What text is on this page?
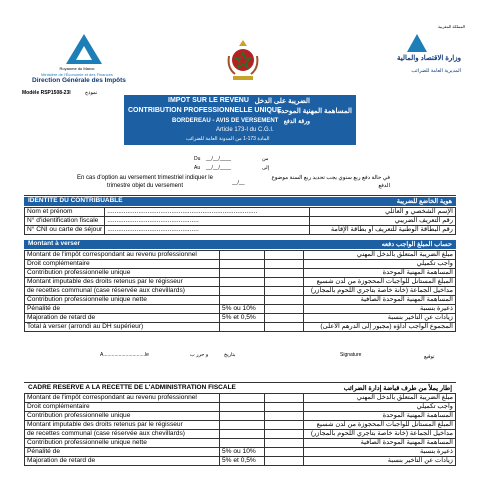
Royaume du Maroc
Ministère de l'Économie et des Finances
Direction Générale des Impôts
Modèle RSP1508-23I	نموذج
المملكة المغربية
وزارة الاقتصاد والمالية
المديرية العامة للضرائب
IMPOT SUR LE REVENU الضريبة على الدخل
CONTRIBUTION PROFESSIONNELLE UNIQUE
المساهمة المهنية الموحدة
BORDEREAU - AVIS DE VERSEMENT ورقة الدفع
Article 173-I du C.G.I.
المادة 173-1 من المدونة العامة للضرائب
Du __/__/____	من
Au __/__/____	إلى
En cas d'option au versement trimestriel indiquer le trimestre objet du versement	__/__
في حالة دفع ربع سنوي يجب تحديد ربع السنة موضوع الدفع
IDENTITE DU CONTRIBUABLE	هوية الخاضع للضريبة
Nom et prénom	..................................................................................	الإسم الشخصي و العائلي
N° d'identification fiscale	..................................................	رقم التعريف الضريبي
N° CNI ou carte de séjour	..................................................	رقم البطاقة الوطنية للتعريف أو بطاقة الإقامة
Montant à verser	حساب المبلغ الواجب دفعه
Montant de l'impôt correspondant au revenu professionnel			مبلغ الضريبة المتعلق بالدخل المهني
Droit complémentaire			واجب تكميلي
Contribution professionnelle unique			المساهمة المهنية الموحدة
Montant imputable des droits retenus par le régisseur			المبلغ المستأنل للواجبات المحجوزة من لدن شسيع
de recettes communal (case réservée aux chevillards)			مداخيل الجماعة (خانة خاصة بتاجري اللحوم بالمجازر)
Contribution professionnelle unique nette			المساهمة المهنية الموحدة الصافية
Pénalité de	5% ou 10%		ذعيرة بنسبة
Majoration de retard de	5% et 0,5%		زيادات عن التأخير بنسبة
Total à verser (arrondi au DH supérieur)			المجموع الواجب أداؤه (مجبور إلى الدرهم الأعلى)
A..............................le	و حرر ب	بتاريخ	Signature	توقيع
CADRE RESERVE A LA RECETTE DE L'ADMINISTRATION FISCALE	إطار يملأ من طرف قباضة إدارة الضرائب
Montant de l'impôt correspondant au revenu professionnel			مبلغ الضريبة المتعلق بالدخل المهني
Droit complémentaire			واجب تكميلي
Contribution professionnelle unique			المساهمة المهنية الموحدة
Montant imputable des droits retenus par le régisseur			المبلغ المستأنل للواجبات المحجوزة من لدن شسيع
de recettes communal (case réservée aux chevillards)			مداخيل الجماعة (خانة خاصة بتاجري اللحوم بالمجازر)
Contribution professionnelle unique nette			المساهمة المهنية الموحدة الصافية
Pénalité de	5% ou 10%		ذعيرة بنسبة
Majoration de retard de	5% et 0,5%		زيادات عن التأخير بنسبة
